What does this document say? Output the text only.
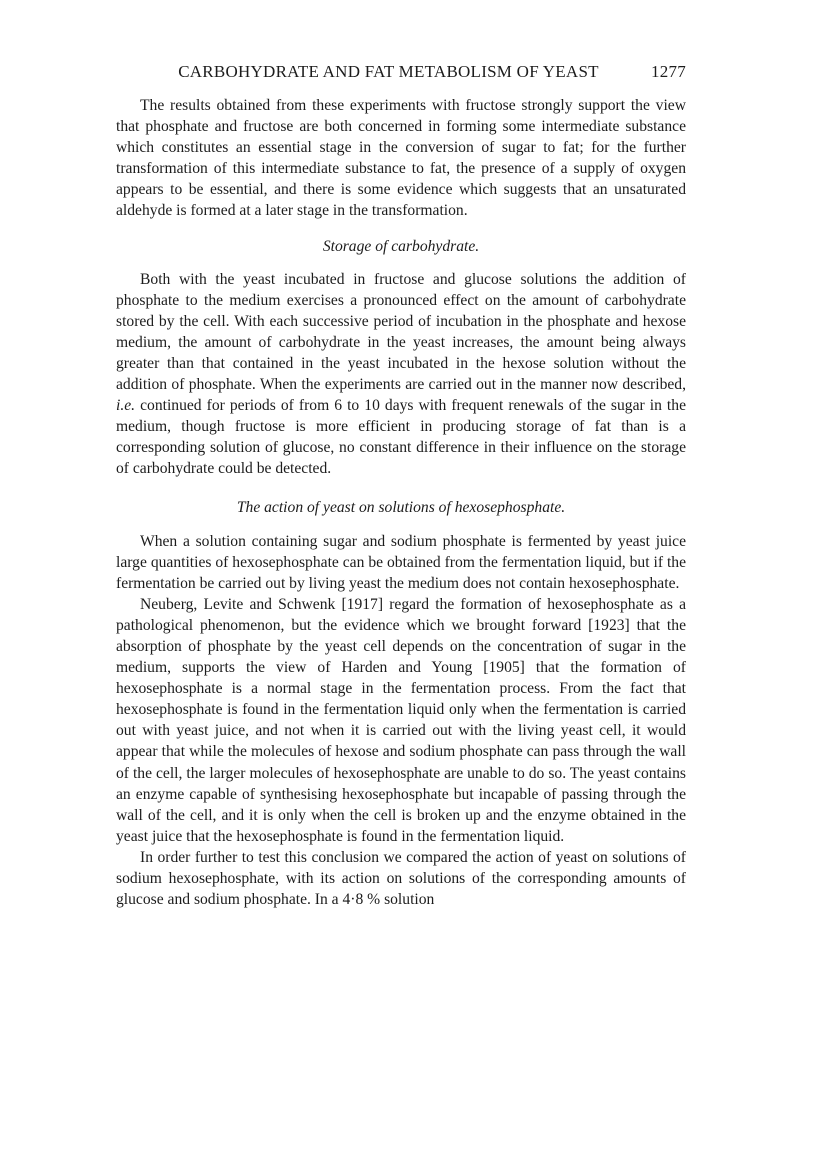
CARBOHYDRATE AND FAT METABOLISM OF YEAST	1277

The results obtained from these experiments with fructose strongly support the view that phosphate and fructose are both concerned in forming some intermediate substance which constitutes an essential stage in the conversion of sugar to fat; for the further transformation of this intermediate substance to fat, the presence of a supply of oxygen appears to be essential, and there is some evidence which suggests that an unsaturated aldehyde is formed at a later stage in the transformation.

Storage of carbohydrate.

Both with the yeast incubated in fructose and glucose solutions the addition of phosphate to the medium exercises a pronounced effect on the amount of carbohydrate stored by the cell. With each successive period of incubation in the phosphate and hexose medium, the amount of carbohydrate in the yeast increases, the amount being always greater than that contained in the yeast incubated in the hexose solution without the addition of phosphate. When the experiments are carried out in the manner now described, i.e. continued for periods of from 6 to 10 days with frequent renewals of the sugar in the medium, though fructose is more efficient in producing storage of fat than is a corresponding solution of glucose, no constant difference in their influence on the storage of carbohydrate could be detected.

The action of yeast on solutions of hexosephosphate.

When a solution containing sugar and sodium phosphate is fermented by yeast juice large quantities of hexosephosphate can be obtained from the fermentation liquid, but if the fermentation be carried out by living yeast the medium does not contain hexosephosphate.

Neuberg, Levite and Schwenk [1917] regard the formation of hexosephosphate as a pathological phenomenon, but the evidence which we brought forward [1923] that the absorption of phosphate by the yeast cell depends on the concentration of sugar in the medium, supports the view of Harden and Young [1905] that the formation of hexosephosphate is a normal stage in the fermentation process. From the fact that hexosephosphate is found in the fermentation liquid only when the fermentation is carried out with yeast juice, and not when it is carried out with the living yeast cell, it would appear that while the molecules of hexose and sodium phosphate can pass through the wall of the cell, the larger molecules of hexosephosphate are unable to do so. The yeast contains an enzyme capable of synthesising hexosephosphate but incapable of passing through the wall of the cell, and it is only when the cell is broken up and the enzyme obtained in the yeast juice that the hexosephosphate is found in the fermentation liquid.

In order further to test this conclusion we compared the action of yeast on solutions of sodium hexosephosphate, with its action on solutions of the corresponding amounts of glucose and sodium phosphate. In a 4·8 % solution
